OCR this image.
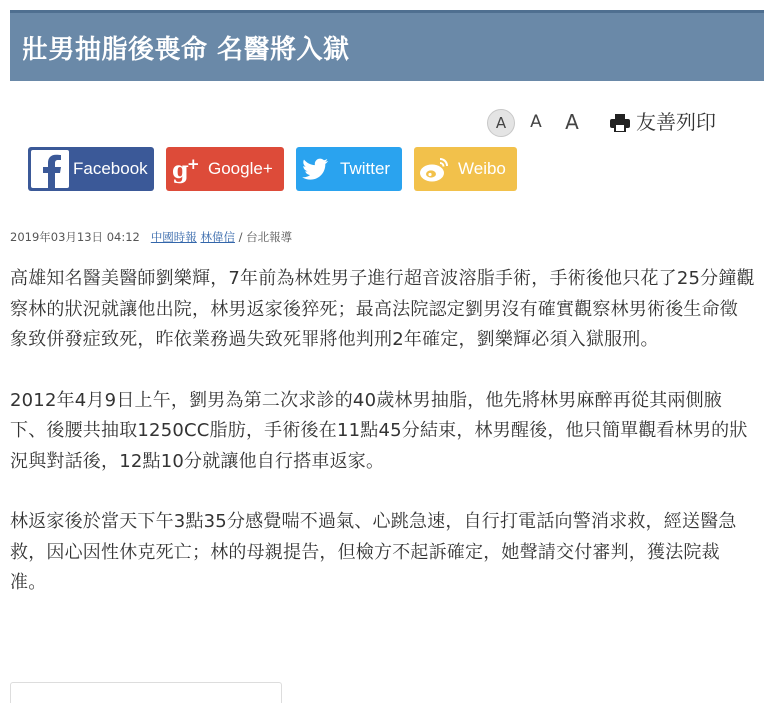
壯男抽脂後喪命 名醫將入獄
A	A A	友善列印
Facebook g
+ Google+	Twitter	Weibo
2019年03月13日 04:12 中國時報 林偉信 / 台北報導

高雄知名醫美醫師劉樂輝，7年前為林姓男子進行超音波溶脂手術，手術後他只花了25分鐘觀察林的狀況就讓他出院，林男返家後猝死；最高法院認定劉男沒有確實觀察林男術後生命徵象致併發症致死，昨依業務過失致死罪將他判刑2年確定，劉樂輝必須入獄服刑。

2012年4月9日上午，劉男為第二次求診的40歲林男抽脂，他先將林男麻醉再從其兩側腋下、後腰共抽取1250CC脂肪，手術後在11點45分結束，林男醒後，他只簡單觀看林男的狀況與對話後，12點10分就讓他自行搭車返家。

林返家後於當天下午3點35分感覺喘不過氣、心跳急速，自行打電話向警消求救，經送醫急救，因心因性休克死亡；林的母親提告，但檢方不起訴確定，她聲請交付審判，獲法院裁准。
